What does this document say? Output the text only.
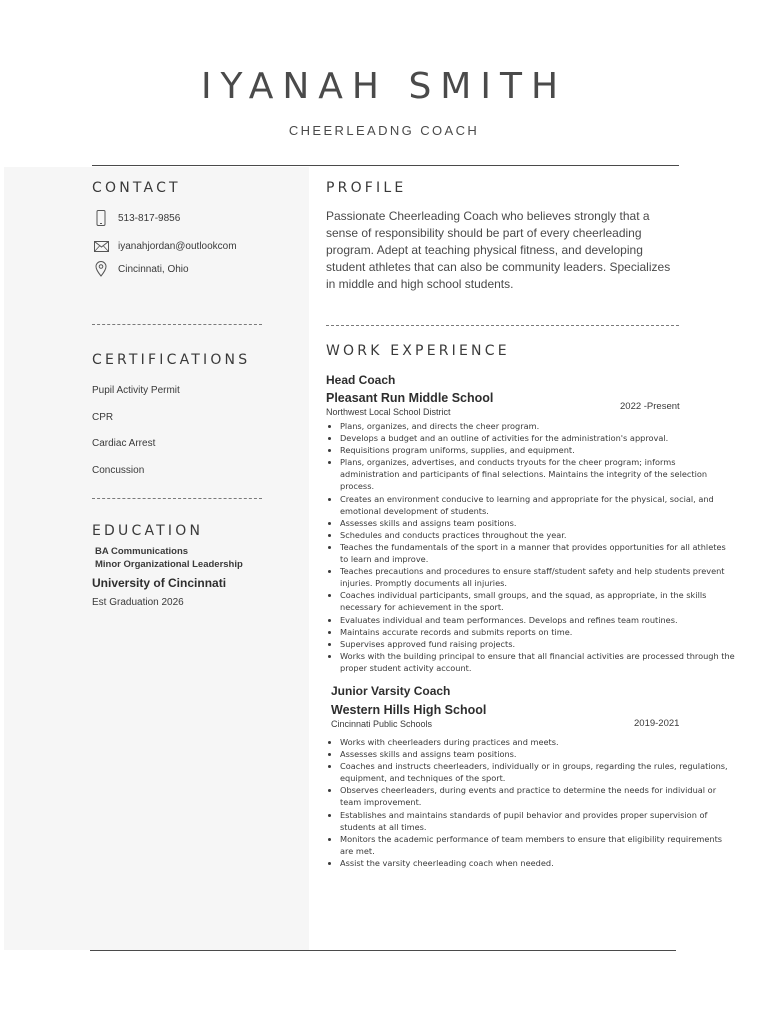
IYANAH SMITH
CHEERLEADNG COACH
CONTACT
513-817-9856
iyanahjordan@outlookcom
Cincinnati, Ohio
CERTIFICATIONS
Pupil Activity Permit
CPR
Cardiac Arrest
Concussion
EDUCATION
BA Communications
Minor Organizational Leadership
University of Cincinnati
Est Graduation 2026
PROFILE
Passionate Cheerleading Coach who believes strongly that a
sense of responsibility should be part of every cheerleading
program. Adept at teaching physical fitness, and developing
student athletes that can also be community leaders. Specializes
in middle and high school students.
WORK EXPERIENCE
Head Coach
Pleasant Run Middle School
Northwest Local School District	2022 -Present
• Plans, organizes, and directs the cheer program.
• Develops a budget and an outline of activities for the administration's approval.
• Requisitions program uniforms, supplies, and equipment.
• Plans, organizes, advertises, and conducts tryouts for the cheer program; informs administration and participants of final selections. Maintains the integrity of the selection process.
• Creates an environment conducive to learning and appropriate for the physical, social, and emotional development of students.
• Assesses skills and assigns team positions.
• Schedules and conducts practices throughout the year.
• Teaches the fundamentals of the sport in a manner that provides opportunities for all athletes to learn and improve.
• Teaches precautions and procedures to ensure staff/student safety and help students prevent injuries. Promptly documents all injuries.
• Coaches individual participants, small groups, and the squad, as appropriate, in the skills necessary for achievement in the sport.
• Evaluates individual and team performances. Develops and refines team routines.
• Maintains accurate records and submits reports on time.
• Supervises approved fund raising projects.
• Works with the building principal to ensure that all financial activities are processed through the proper student activity account.
Junior Varsity Coach
Western Hills High School
Cincinnati Public Schools	2019-2021
• Works with cheerleaders during practices and meets.
• Assesses skills and assigns team positions.
• Coaches and instructs cheerleaders, individually or in groups, regarding the rules, regulations, equipment, and techniques of the sport.
• Observes cheerleaders, during events and practice to determine the needs for individual or team improvement.
• Establishes and maintains standards of pupil behavior and provides proper supervision of students at all times.
• Monitors the academic performance of team members to ensure that eligibility requirements are met.
• Assist the varsity cheerleading coach when needed.
